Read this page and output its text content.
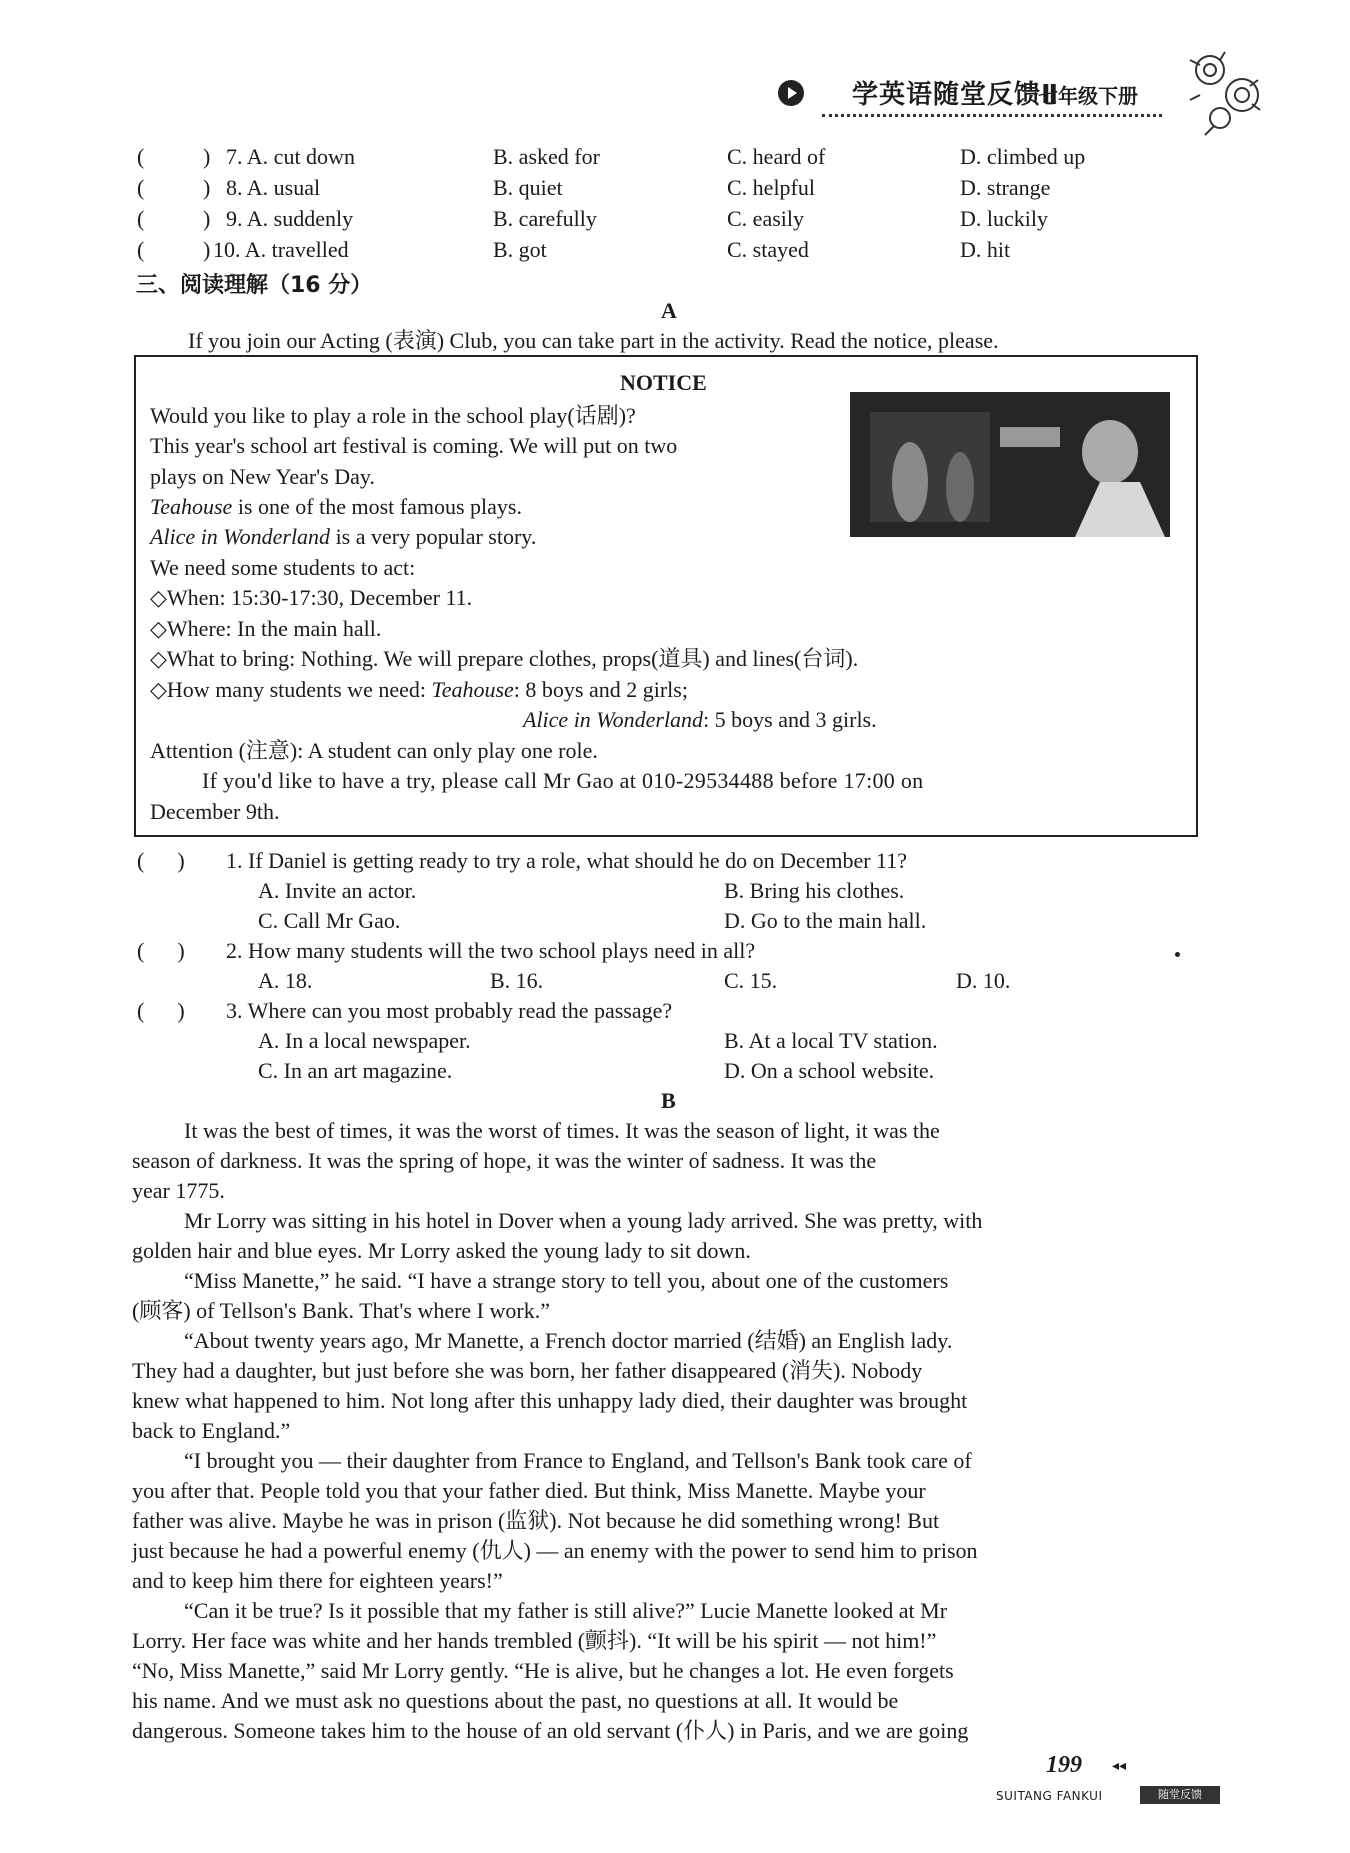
学英语随堂反馈Ⅱ
七年级下册
(	) 7. A. cut down	B. asked for	C. heard of	D. climbed up
(	) 8. A. usual	B. quiet	C. helpful	D. strange
(	) 9. A. suddenly	B. carefully	C. easily	D. luckily
(	) 10. A. travelled	B. got	C. stayed	D. hit
三、阅读理解（16 分）
A
If you join our Acting (表演) Club, you can take part in the activity. Read the notice, please.
NOTICE
Would you like to play a role in the school play(话剧)?
This year's school art festival is coming. We will put on two
plays on New Year's Day.
Teahouse is one of the most famous plays.
Alice in Wonderland is a very popular story.
We need some students to act:
◇When: 15:30-17:30, December 11.
◇Where: In the main hall.
◇What to bring: Nothing. We will prepare clothes, props(道具) and lines(台词).
◇How many students we need: Teahouse: 8 boys and 2 girls;
Alice in Wonderland: 5 boys and 3 girls.
Attention (注意): A student can only play one role.
If you'd like to have a try, please call Mr Gao at 010-29534488 before 17:00 on
December 9th.
(      ) 1. If Daniel is getting ready to try a role, what should he do on December 11?
A. Invite an actor.	B. Bring his clothes.
C. Call Mr Gao.	D. Go to the main hall.
(      ) 2. How many students will the two school plays need in all?
A. 18.	B. 16.	C. 15.	D. 10.
(      ) 3. Where can you most probably read the passage?
A. In a local newspaper.	B. At a local TV station.
C. In an art magazine.	D. On a school website.
B
It was the best of times, it was the worst of times. It was the season of light, it was the
season of darkness. It was the spring of hope, it was the winter of sadness. It was the
year 1775.
Mr Lorry was sitting in his hotel in Dover when a young lady arrived. She was pretty, with
golden hair and blue eyes. Mr Lorry asked the young lady to sit down.
“Miss Manette,” he said. “I have a strange story to tell you, about one of the customers
(顾客) of Tellson's Bank. That's where I work.”
“About twenty years ago, Mr Manette, a French doctor married (结婚) an English lady.
They had a daughter, but just before she was born, her father disappeared (消失). Nobody
knew what happened to him. Not long after this unhappy lady died, their daughter was brought
back to England.”
“I brought you — their daughter from France to England, and Tellson's Bank took care of
you after that. People told you that your father died. But think, Miss Manette. Maybe your
father was alive. Maybe he was in prison (监狱). Not because he did something wrong! But
just because he had a powerful enemy (仇人) — an enemy with the power to send him to prison
and to keep him there for eighteen years!”
“Can it be true? Is it possible that my father is still alive?” Lucie Manette looked at Mr
Lorry. Her face was white and her hands trembled (颤抖). “It will be his spirit — not him!”
“No, Miss Manette,” said Mr Lorry gently. “He is alive, but he changes a lot. He even forgets
his name. And we must ask no questions about the past, no questions at all. It would be
dangerous. Someone takes him to the house of an old servant (仆人) in Paris, and we are going
199 ◂◂
SUITANG FANKUI	随堂反馈
